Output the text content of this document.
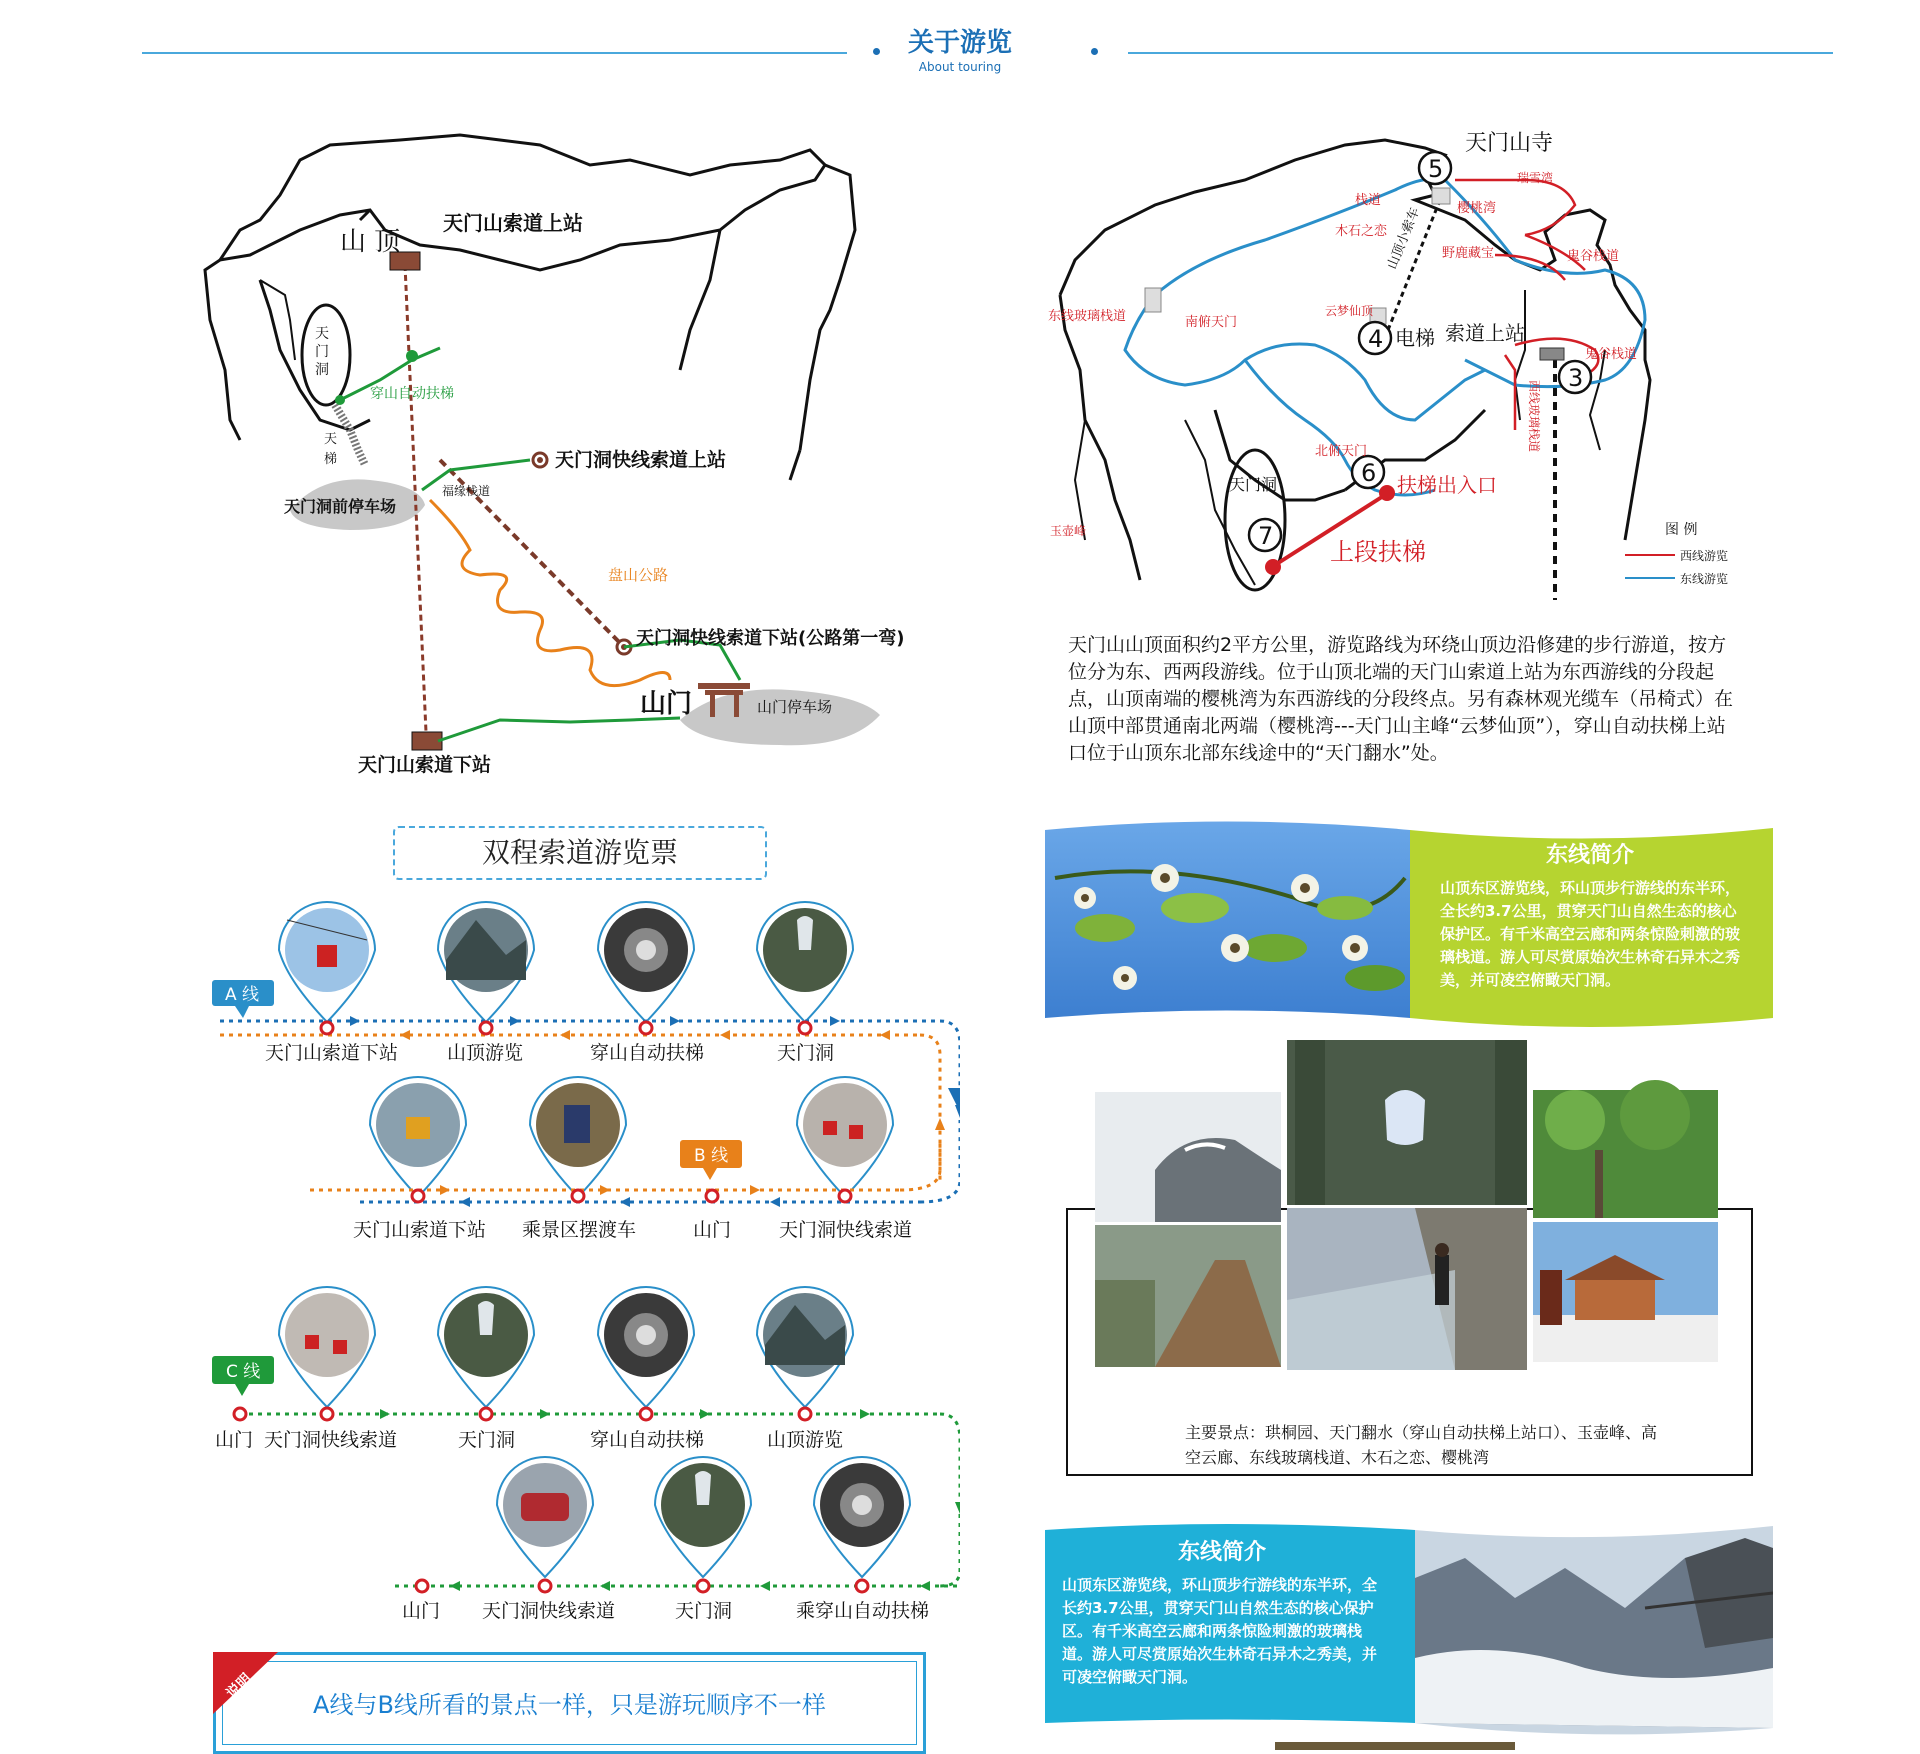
关于游览
About touring
山 顶
天门山索道上站
天门洞
穿山自动扶梯
天梯
天门洞前停车场
福缘栈道
天门洞快线索道上站
盘山公路
天门洞快线索道下站(公路第一弯)
山门	山门停车场
天门山索道下站
5
4
3
6
7
天门山寺
栈道
瑞雪湾
樱桃湾
野鹿藏宝
木石之恋
鬼谷栈道
东线玻璃栈道	南俯天门
云梦仙顶
电梯 索道上站
鬼谷栈道
北俯天门
扶梯出入口
上段扶梯
玉壶峰
天门洞
山顶小索车
西线玻璃栈道
图 例
西线游览
东线游览
天门山山顶面积约2平方公里，游览路线为环绕山顶边沿修建的步行游道，按方位分为东、西两段游线。位于山顶北端的天门山索道上站为东西游线的分段起点，山顶南端的樱桃湾为东西游线的分段终点。另有森林观光缆车（吊椅式）在山顶中部贯通南北两端（樱桃湾---天门山主峰“云梦仙顶”），穿山自动扶梯上站口位于山顶东北部东线途中的“天门翻水”处。
东线简介
山顶东区游览线，环山顶步行游线的东半环，全长约3.7公里，贯穿天门山自然生态的核心保护区。有千米高空云廊和两条惊险刺激的玻璃栈道。游人可尽赏原始次生林奇石异木之秀美，并可凌空俯瞰天门洞。
主要景点：珙桐园、天门翻水（穿山自动扶梯上站口）、玉壶峰、高空云廊、东线玻璃栈道、木石之恋、樱桃湾
东线简介
山顶东区游览线，环山顶步行游线的东半环，全长约3.7公里，贯穿天门山自然生态的核心保护区。有千米高空云廊和两条惊险刺激的玻璃栈道。游人可尽赏原始次生林奇石异木之秀美，并可凌空俯瞰天门洞。
双程索道游览票
A 线
天门山索道下站	山顶游览	穿山自动扶梯	天门洞
B 线
天门山索道下站 乘景区摆渡车	山门	天门洞快线索道
C 线
山门 天门洞快线索道	天门洞	穿山自动扶梯	山顶游览
山门 天门洞快线索道	天门洞	乘穿山自动扶梯
说明
A线与B线所看的景点一样，只是游玩顺序不一样
